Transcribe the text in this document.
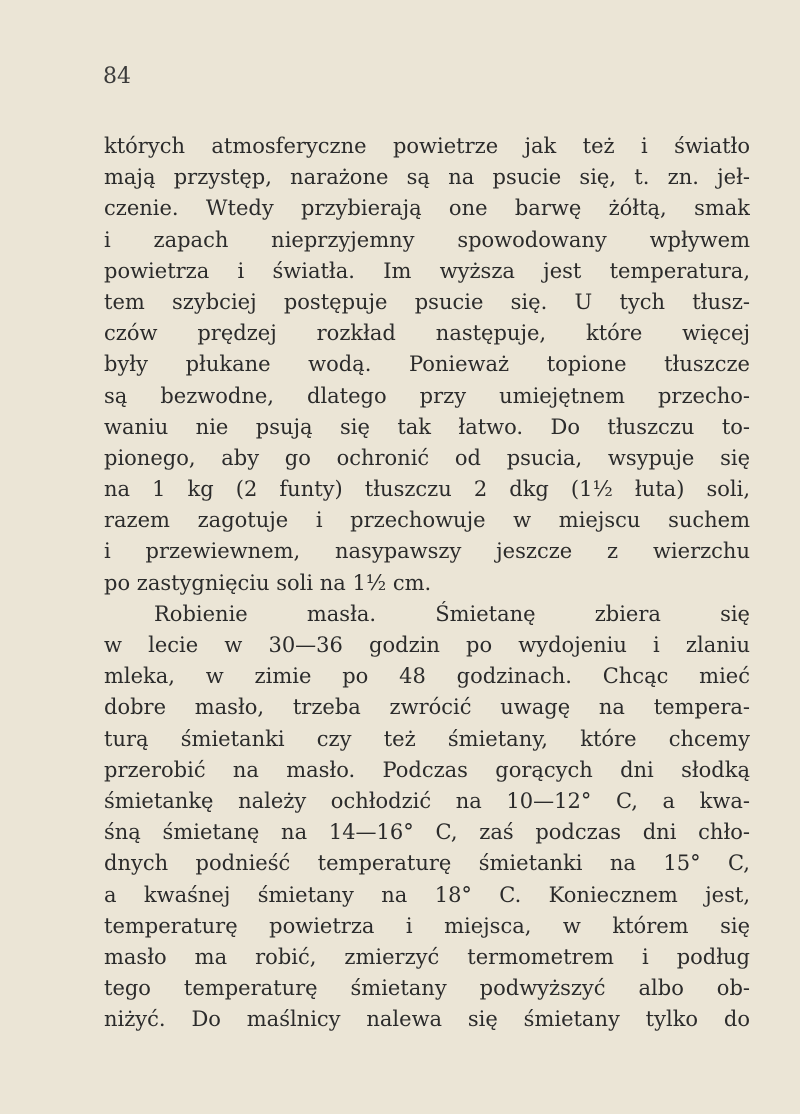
84
których atmosferyczne powietrze jak też i światło
mają przystęp, narażone są na psucie się, t. zn. jeł-
czenie. Wtedy przybierają one barwę żółtą, smak
i zapach nieprzyjemny spowodowany wpływem
powietrza i światła. Im wyższa jest temperatura,
tem szybciej postępuje psucie się. U tych tłusz-
czów prędzej rozkład następuje, które więcej
były płukane wodą. Ponieważ topione tłuszcze
są bezwodne, dlatego przy umiejętnem przecho-
waniu nie psują się tak łatwo. Do tłuszczu to-
pionego, aby go ochronić od psucia, wsypuje się
na 1 kg (2 funty) tłuszczu 2 dkg (1½ łuta) soli,
razem zagotuje i przechowuje w miejscu suchem
i przewiewnem, nasypawszy jeszcze z wierzchu
po zastygnięciu soli na 1½ cm.
Robienie masła. Śmietanę zbiera się
w lecie w 30—36 godzin po wydojeniu i zlaniu
mleka, w zimie po 48 godzinach. Chcąc mieć
dobre masło, trzeba zwrócić uwagę na tempera-
turą śmietanki czy też śmietany, które chcemy
przerobić na masło. Podczas gorących dni słodką
śmietankę należy ochłodzić na 10—12° C, a kwa-
śną śmietanę na 14—16° C, zaś podczas dni chło-
dnych podnieść temperaturę śmietanki na 15° C,
a kwaśnej śmietany na 18° C. Koniecznem jest,
temperaturę powietrza i miejsca, w którem się
masło ma robić, zmierzyć termometrem i podług
tego temperaturę śmietany podwyższyć albo ob-
niżyć. Do maślnicy nalewa się śmietany tylko do
